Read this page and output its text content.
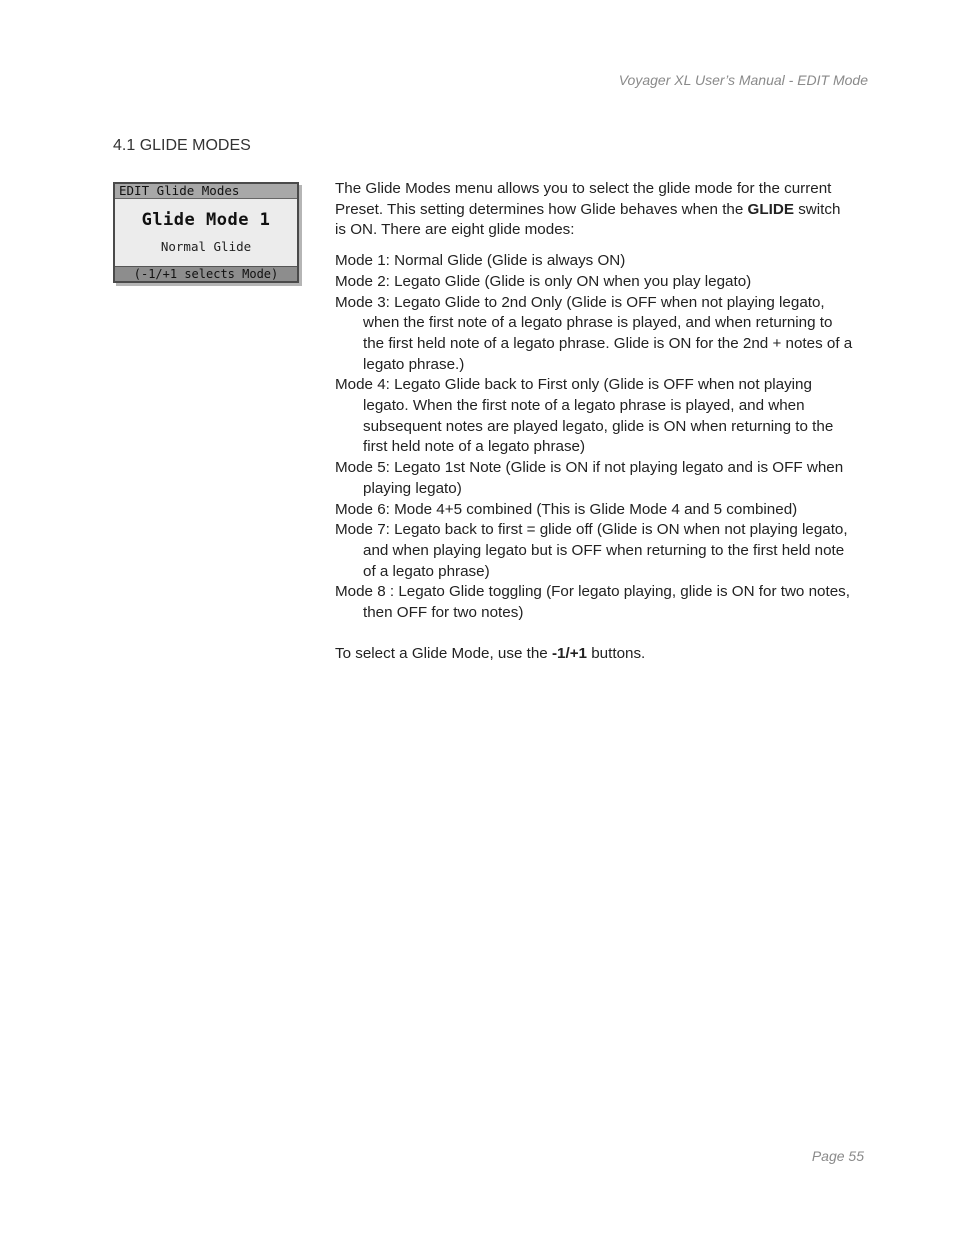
Voyager XL User’s Manual - EDIT Mode
4.1 GLIDE MODES
EDIT Glide Modes
Glide Mode 1
Normal Glide
(-1/+1 selects Mode)

The Glide Modes menu allows you to select the glide mode for the current Preset. This setting determines how Glide behaves when the GLIDE switch is ON. There are eight glide modes:

Mode 1: Normal Glide (Glide is always ON)

Mode 2: Legato Glide (Glide is only ON when you play legato)

Mode 3: Legato Glide to 2nd Only (Glide is OFF when not playing legato, when the first note of a legato phrase is played, and when returning to the first held note of a legato phrase. Glide is ON for the 2nd + notes of a legato phrase.)

Mode 4: Legato Glide back to First only (Glide is OFF when not playing legato. When the first note of a legato phrase is played, and when subsequent notes are played legato, glide is ON when returning to the first held note of a legato phrase)

Mode 5: Legato 1st Note (Glide is ON if not playing legato and is OFF when playing legato)

Mode 6: Mode 4+5 combined (This is Glide Mode 4 and 5 combined)

Mode 7: Legato back to first = glide off (Glide is ON when not playing legato, and when playing legato but is OFF when returning to the first held note of a legato phrase)

Mode 8 : Legato Glide toggling (For legato playing, glide is ON for two notes, then OFF for two notes)

To select a Glide Mode, use the -1/+1 buttons.

Page 55
